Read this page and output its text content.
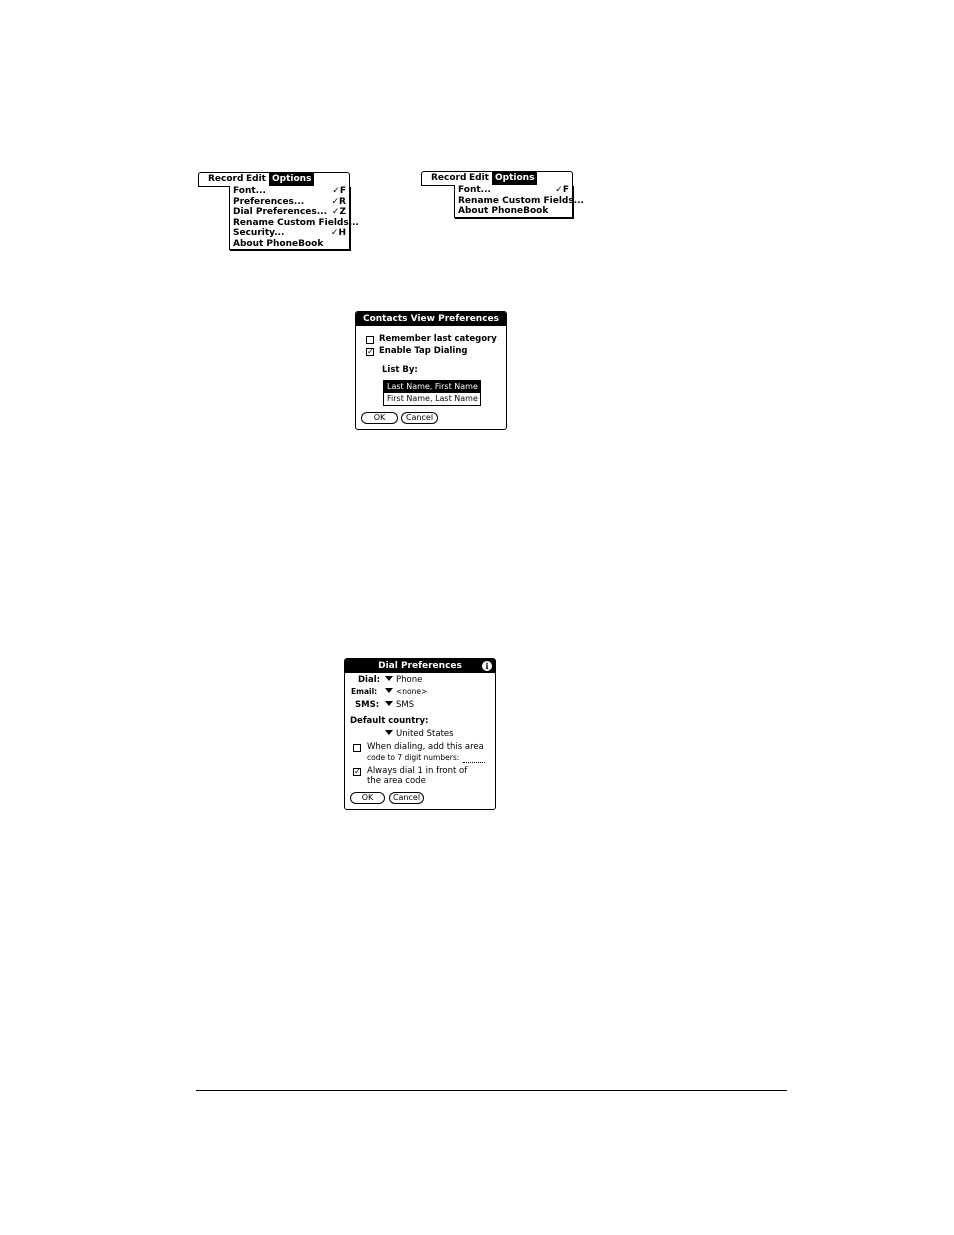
Record Edit Options
Font...	✓F
Preferences...	✓R
Dial Preferences... ✓Z
Rename Custom Fields...
Security...	✓H
About PhoneBook
Record Edit Options
Font...	✓F
Rename Custom Fields...
About PhoneBook
Contacts View Preferences
Remember last category
✓ Enable Tap Dialing
List By:
Last Name, First Name
First Name, Last Name
OK	Cancel
Dial Preferences	i
Dial:	Phone
Email:	<none>
SMS:	SMS
Default country:
United States
When dialing, add this area
code to 7 digit numbers:
✓ Always dial 1 in front of
the area code
OK	Cancel
